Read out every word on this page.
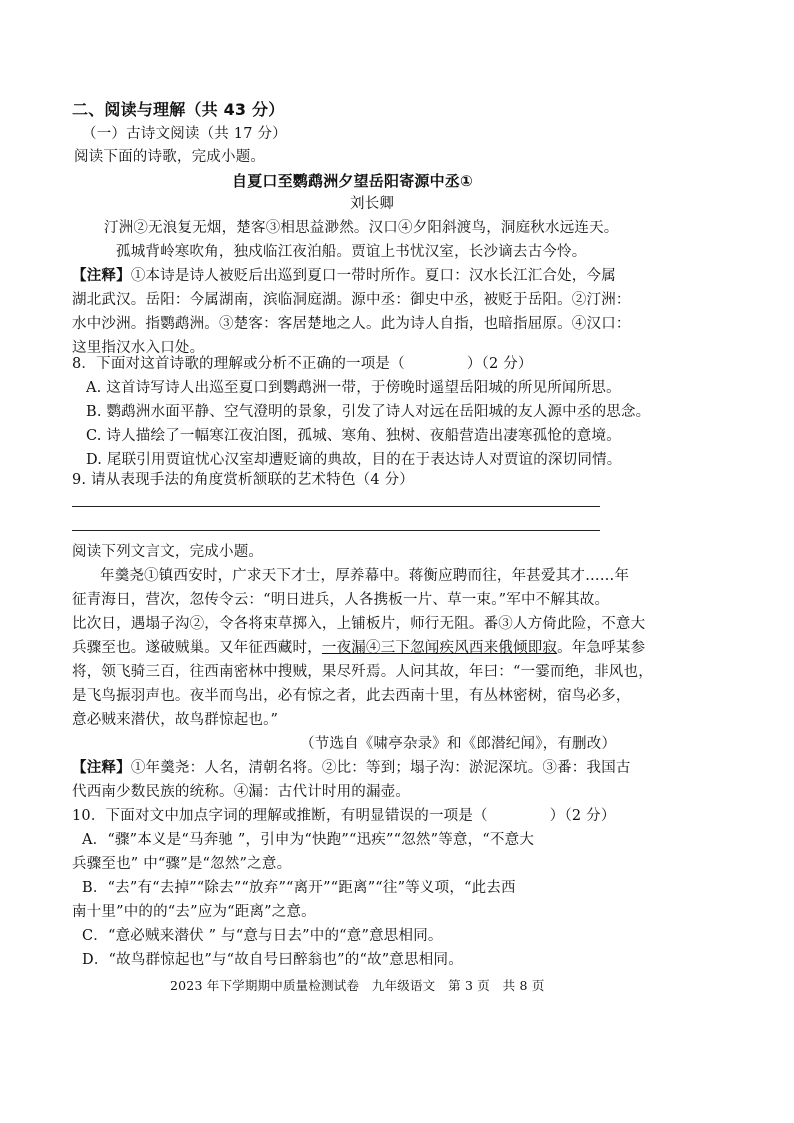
二、阅读与理解（共 43 分）
（一）古诗文阅读（共 17 分）
阅读下面的诗歌，完成小题。
自夏口至鹦鹉洲夕望岳阳寄源中丞①
刘长卿
汀洲②无浪复无烟，楚客③相思益渺然。汉口④夕阳斜渡鸟，洞庭秋水远连天。
孤城背岭寒吹角，独戍临江夜泊船。贾谊上书忧汉室，长沙谪去古今怜。
【注释】①本诗是诗人被贬后出巡到夏口一带时所作。夏口：汉水长江汇合处，今属
湖北武汉。岳阳：今属湖南，滨临洞庭湖。源中丞：御史中丞，被贬于岳阳。②汀洲：
水中沙洲。指鹦鹉洲。③楚客：客居楚地之人。此为诗人自指，也暗指屈原。④汉口：
这里指汉水入口处。
8．下面对这首诗歌的理解或分析不正确的一项是（	）（2 分）
A. 这首诗写诗人出巡至夏口到鹦鹉洲一带，于傍晚时遥望岳阳城的所见所闻所思。
B. 鹦鹉洲水面平静、空气澄明的景象，引发了诗人对远在岳阳城的友人源中丞的思念。
C. 诗人描绘了一幅寒江夜泊图，孤城、寒角、独树、夜船营造出凄寒孤怆的意境。
D. 尾联引用贾谊忧心汉室却遭贬谪的典故，目的在于表达诗人对贾谊的深切同情。
9. 请从表现手法的角度赏析颔联的艺术特色（4 分）
阅读下列文言文，完成小题。
年羹尧①镇西安时，广求天下才士，厚养幕中。蒋衡应聘而往，年甚爱其才……年
征青海日，营次，忽传令云：“明日进兵，人各携板一片、草一束。”军中不解其故。
比次日，遇塌子沟②，令各将束草掷入，上铺板片，师行无阻。番③人方倚此险，不意大
兵骤至也。遂破贼巢。又年征西藏时，一夜漏④三下忽闻疾风西来俄倾即寂。年急呼某参
将，领飞骑三百，往西南密林中搜贼，果尽歼焉。人问其故，年曰：“一霎而绝，非风也，
是飞鸟振羽声也。夜半而鸟出，必有惊之者，此去西南十里，有丛林密树，宿鸟必多，
意必贼来潜伏，故鸟群惊起也。”
（节选自《啸亭杂录》和《郎潜纪闻》，有删改）
【注释】①年羹尧：人名，清朝名将。②比：等到；塌子沟：淤泥深坑。③番：我国古
代西南少数民族的统称。④漏：古代计时用的漏壶。
10．下面对文中加点字词的理解或推断，有明显错误的一项是（	）（2 分）
A．“骤”本义是“马奔驰 ”，引申为“快跑”“迅疾”“忽然”等意，“不意大
兵骤至也” 中“骤”是“忽然”之意。
B．“去”有“去掉”“除去”“放弃”“离开”“距离”“往”等义项，“此去西
南十里”中的的“去”应为“距离”之意。
C．“意必贼来潜伏 ” 与“意与日去”中的“意”意思相同。
D．“故鸟群惊起也”与“故自号曰醉翁也”的“故”意思相同。
2023 年下学期期中质量检测试卷　九年级语文　第 3 页　共 8 页
